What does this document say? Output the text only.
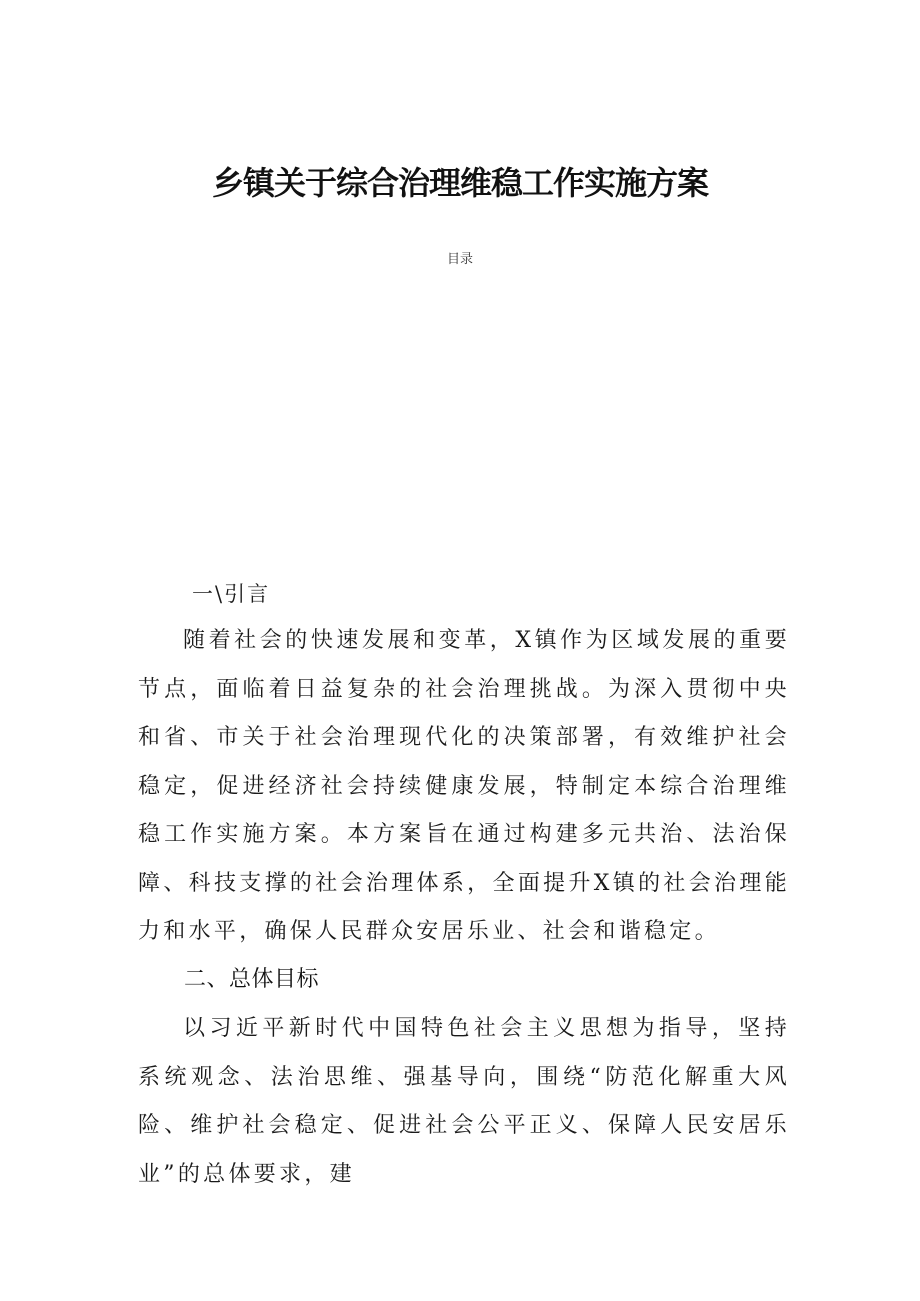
乡镇关于综合治理维稳工作实施方案
目录
一\引言

随着社会的快速发展和变革，X镇作为区域发展的重要节点，面临着日益复杂的社会治理挑战。为深入贯彻中央和省、市关于社会治理现代化的决策部署，有效维护社会稳定，促进经济社会持续健康发展，特制定本综合治理维稳工作实施方案。本方案旨在通过构建多元共治、法治保障、科技支撑的社会治理体系，全面提升X镇的社会治理能力和水平，确保人民群众安居乐业、社会和谐稳定。

二、总体目标

以习近平新时代中国特色社会主义思想为指导，坚持系统观念、法治思维、强基导向，围绕“防范化解重大风险、维护社会稳定、促进社会公平正义、保障人民安居乐业”的总体要求，建
